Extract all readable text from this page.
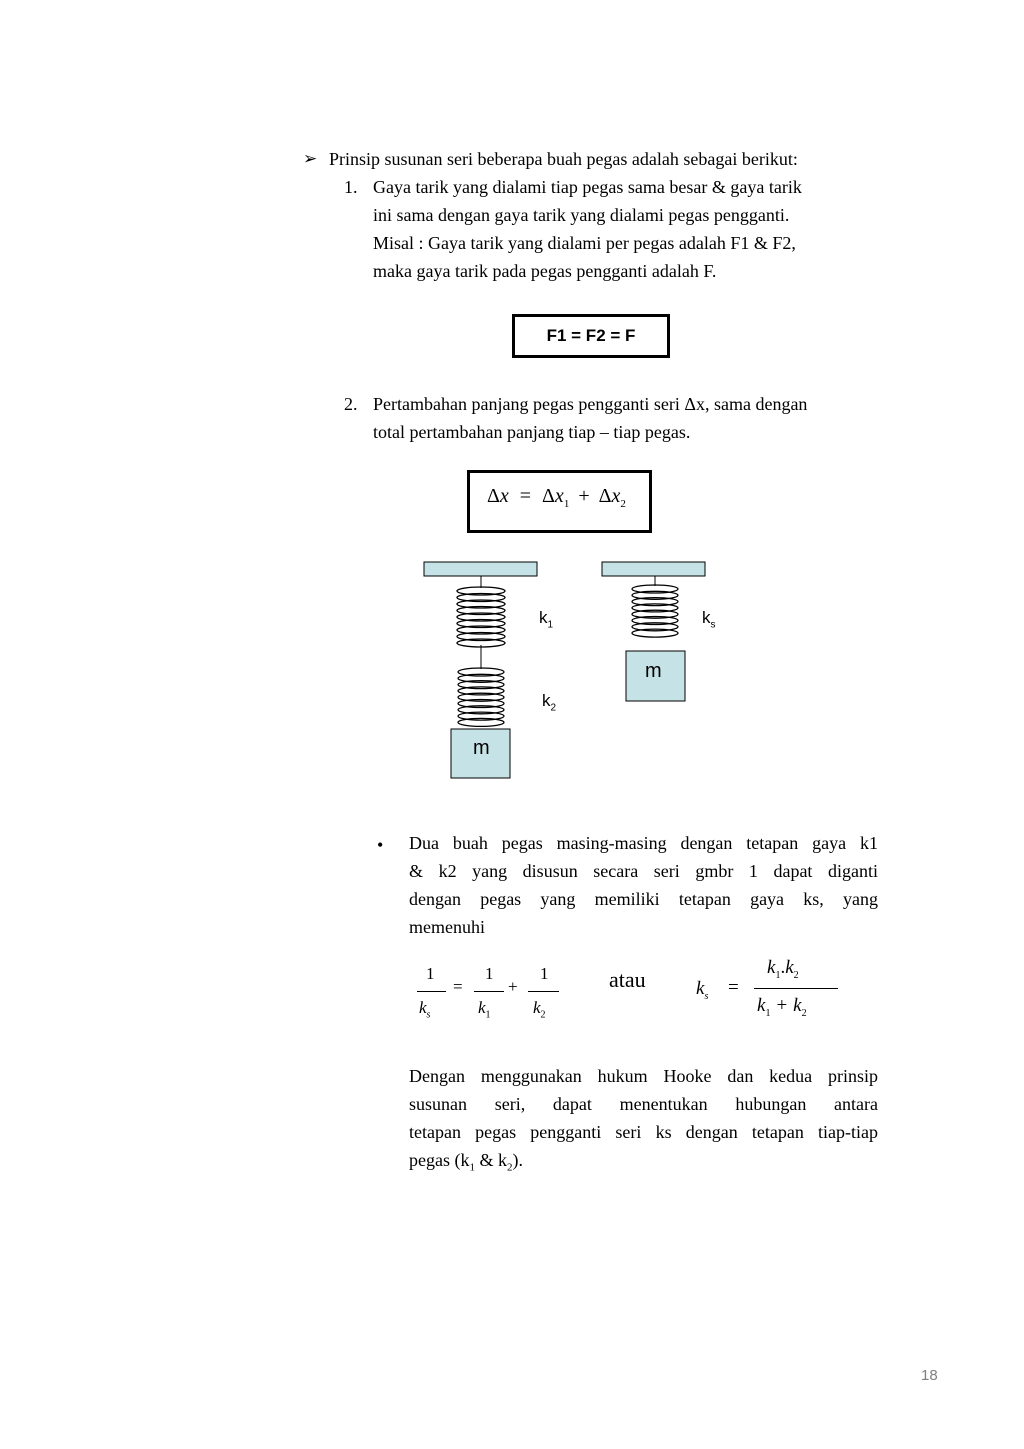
➢ Prinsip susunan seri beberapa buah pegas adalah sebagai berikut:
1. Gaya tarik yang dialami tiap pegas sama besar & gaya tarik
ini sama dengan gaya tarik yang dialami pegas pengganti.
Misal : Gaya tarik yang dialami per pegas adalah F1 & F2,
maka gaya tarik pada pegas pengganti adalah F.
F1 = F2 = F
2. Pertambahan panjang pegas pengganti seri Δx, sama dengan
total pertambahan panjang tiap – tiap pegas.
$\Delta x = \Delta x_1 + \Delta x_2$
$k_1$
$k_2$
$k_s$
m
m
• Dua buah pegas masing-masing dengan tetapan gaya k1
& k2 yang disusun secara seri gmbr 1 dapat diganti
dengan pegas yang memiliki tetapan gaya ks, yang
memenuhi
1
$k_s$
=
1
$k_1$
+
1
$k_2$
atau	$k_s$ =
$k_1.k_2$
$k_1 + k_2$
Dengan menggunakan hukum Hooke dan kedua prinsip
susunan seri, dapat menentukan hubungan antara
tetapan pegas pengganti seri ks dengan tetapan tiap-tiap
pegas ($k_1$ & $k_2$).
18
